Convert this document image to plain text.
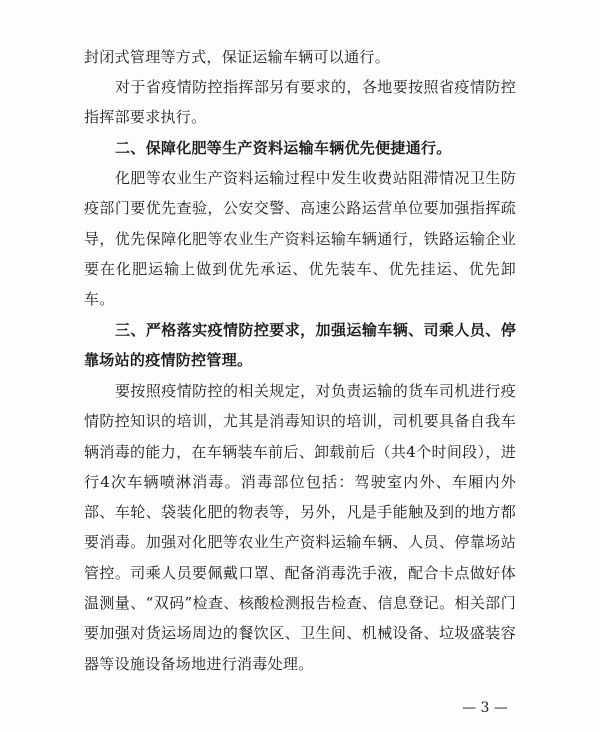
封闭式管理等方式，保证运输车辆可以通行。
对于省疫情防控指挥部另有要求的，各地要按照省疫情防控指挥部要求执行。
二、保障化肥等生产资料运输车辆优先便捷通行。
化肥等农业生产资料运输过程中发生收费站阻滞情况卫生防疫部门要优先查验，公安交警、高速公路运营单位要加强指挥疏导，优先保障化肥等农业生产资料运输车辆通行，铁路运输企业要在化肥运输上做到优先承运、优先装车、优先挂运、优先卸车。
三、严格落实疫情防控要求，加强运输车辆、司乘人员、停靠场站的疫情防控管理。
要按照疫情防控的相关规定，对负责运输的货车司机进行疫情防控知识的培训，尤其是消毒知识的培训，司机要具备自我车辆消毒的能力，在车辆装车前后、卸载前后（共4个时间段），进行4次车辆喷淋消毒。消毒部位包括：驾驶室内外、车厢内外部、车轮、袋装化肥的物表等，另外，凡是手能触及到的地方都要消毒。加强对化肥等农业生产资料运输车辆、人员、停靠场站管控。司乘人员要佩戴口罩、配备消毒洗手液，配合卡点做好体温测量、“双码”检查、核酸检测报告检查、信息登记。相关部门要加强对货运场周边的餐饮区、卫生间、机械设备、垃圾盛装容器等设施设备场地进行消毒处理。
— 3 —
